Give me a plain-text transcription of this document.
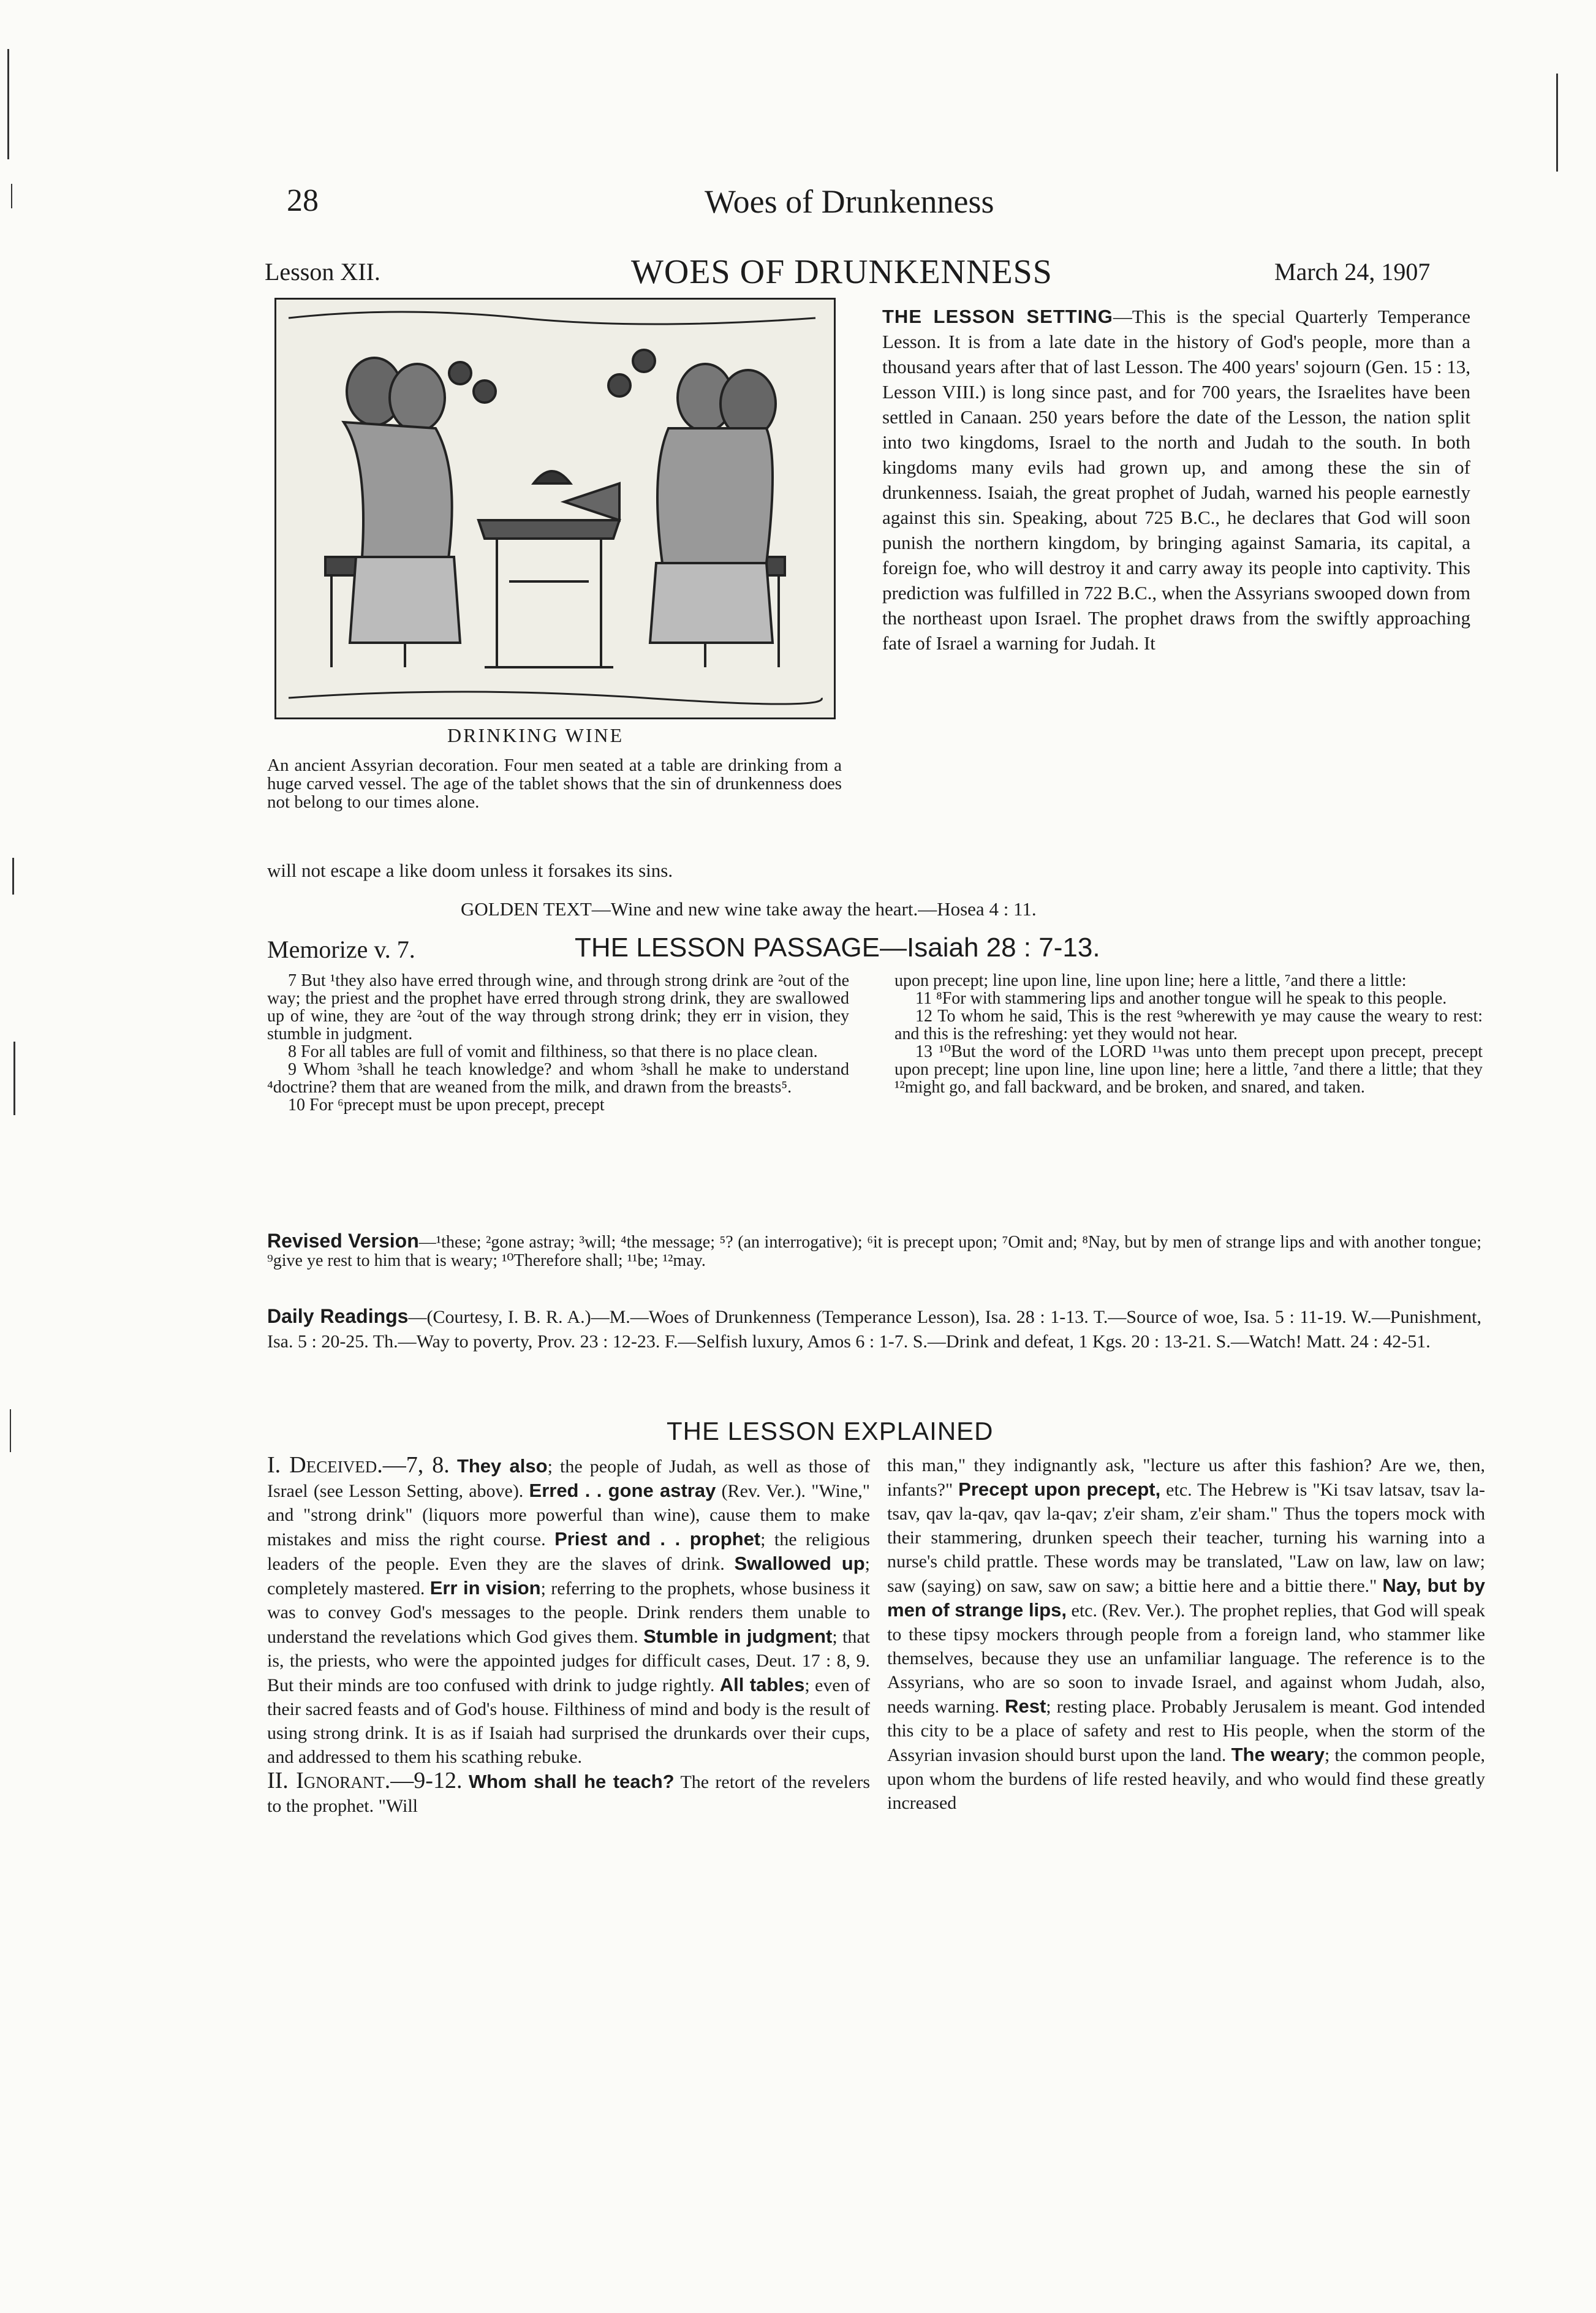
28	Woes of Drunkenness
Lesson XII.	WOES OF DRUNKENNESS	March 24, 1907
DRINKING WINE
An ancient Assyrian decoration. Four men seated at a table are drinking from a huge carved vessel. The age of the tablet shows that the sin of drunkenness does not belong to our times alone.
THE LESSON SETTING—This is the special Quarterly Temperance Lesson. It is from a late date in the history of God's people, more than a thousand years after that of last Lesson. The 400 years' sojourn (Gen. 15 : 13, Lesson VIII.) is long since past, and for 700 years, the Israelites have been settled in Canaan. 250 years before the date of the Lesson, the nation split into two kingdoms, Israel to the north and Judah to the south. In both kingdoms many evils had grown up, and among these the sin of drunkenness. Isaiah, the great prophet of Judah, warned his people earnestly against this sin. Speaking, about 725 B.C., he declares that God will soon punish the northern kingdom, by bringing against Samaria, its capital, a foreign foe, who will destroy it and carry away its people into captivity. This prediction was fulfilled in 722 B.C., when the Assyrians swooped down from the northeast upon Israel. The prophet draws from the swiftly approaching fate of Israel a warning for Judah. It
will not escape a like doom unless it forsakes its sins.
GOLDEN TEXT—Wine and new wine take away the heart.—Hosea 4 : 11.
Memorize v. 7.	THE LESSON PASSAGE—Isaiah 28 : 7-13.

7 But ¹they also have erred through wine, and through strong drink are ²out of the way; the priest and the prophet have erred through strong drink, they are swallowed up of wine, they are ²out of the way through strong drink; they err in vision, they stumble in judgment.

8 For all tables are full of vomit and filthiness, so that there is no place clean.

9 Whom ³shall he teach knowledge? and whom ³shall he make to understand ⁴doctrine? them that are weaned from the milk, and drawn from the breasts⁵.

10 For ⁶precept must be upon precept, precept

upon precept; line upon line, line upon line; here a little, ⁷and there a little:

11 ⁸For with stammering lips and another tongue will he speak to this people.

12 To whom he said, This is the rest ⁹wherewith ye may cause the weary to rest: and this is the refreshing: yet they would not hear.

13 ¹⁰But the word of the LORD ¹¹was unto them precept upon precept, precept upon precept; line upon line, line upon line; here a little, ⁷and there a little; that they ¹²might go, and fall backward, and be broken, and snared, and taken.

Revised Version—¹these; ²gone astray; ³will; ⁴the message; ⁵? (an interrogative); ⁶it is precept upon; ⁷Omit and; ⁸Nay, but by men of strange lips and with another tongue; ⁹give ye rest to him that is weary; ¹⁰Therefore shall; ¹¹be; ¹²may.
Daily Readings—(Courtesy, I. B. R. A.)—M.—Woes of Drunkenness (Temperance Lesson), Isa. 28 : 1-13. T.—Source of woe, Isa. 5 : 11-19. W.—Punishment, Isa. 5 : 20-25. Th.—Way to poverty, Prov. 23 : 12-23. F.—Selfish luxury, Amos 6 : 1-7. S.—Drink and defeat, 1 Kgs. 20 : 13-21. S.—Watch! Matt. 24 : 42-51.
THE LESSON EXPLAINED

I. Deceived.—7, 8. They also; the people of Judah, as well as those of Israel (see Lesson Setting, above). Erred . . gone astray (Rev. Ver.). "Wine," and "strong drink" (liquors more powerful than wine), cause them to make mistakes and miss the right course. Priest and . . prophet; the religious leaders of the people. Even they are the slaves of drink. Swallowed up; completely mastered. Err in vision; referring to the prophets, whose business it was to convey God's messages to the people. Drink renders them unable to understand the revelations which God gives them. Stumble in judgment; that is, the priests, who were the appointed judges for difficult cases, Deut. 17 : 8, 9. But their minds are too confused with drink to judge rightly. All tables; even of their sacred feasts and of God's house. Filthiness of mind and body is the result of using strong drink. It is as if Isaiah had surprised the drunkards over their cups, and addressed to them his scathing rebuke.

II. Ignorant.—9-12. Whom shall he teach? The retort of the revelers to the prophet. "Will

this man," they indignantly ask, "lecture us after this fashion? Are we, then, infants?" Precept upon precept, etc. The Hebrew is "Ki tsav latsav, tsav la-tsav, qav la-qav, qav la-qav; z'eir sham, z'eir sham." Thus the topers mock with their stammering, drunken speech their teacher, turning his warning into a nurse's child prattle. These words may be translated, "Law on law, law on law; saw (saying) on saw, saw on saw; a bittie here and a bittie there." Nay, but by men of strange lips, etc. (Rev. Ver.). The prophet replies, that God will speak to these tipsy mockers through people from a foreign land, who stammer like themselves, because they use an unfamiliar language. The reference is to the Assyrians, who are so soon to invade Israel, and against whom Judah, also, needs warning. Rest; resting place. Probably Jerusalem is meant. God intended this city to be a place of safety and rest to His people, when the storm of the Assyrian invasion should burst upon the land. The weary; the common people, upon whom the burdens of life rested heavily, and who would find these greatly increased
